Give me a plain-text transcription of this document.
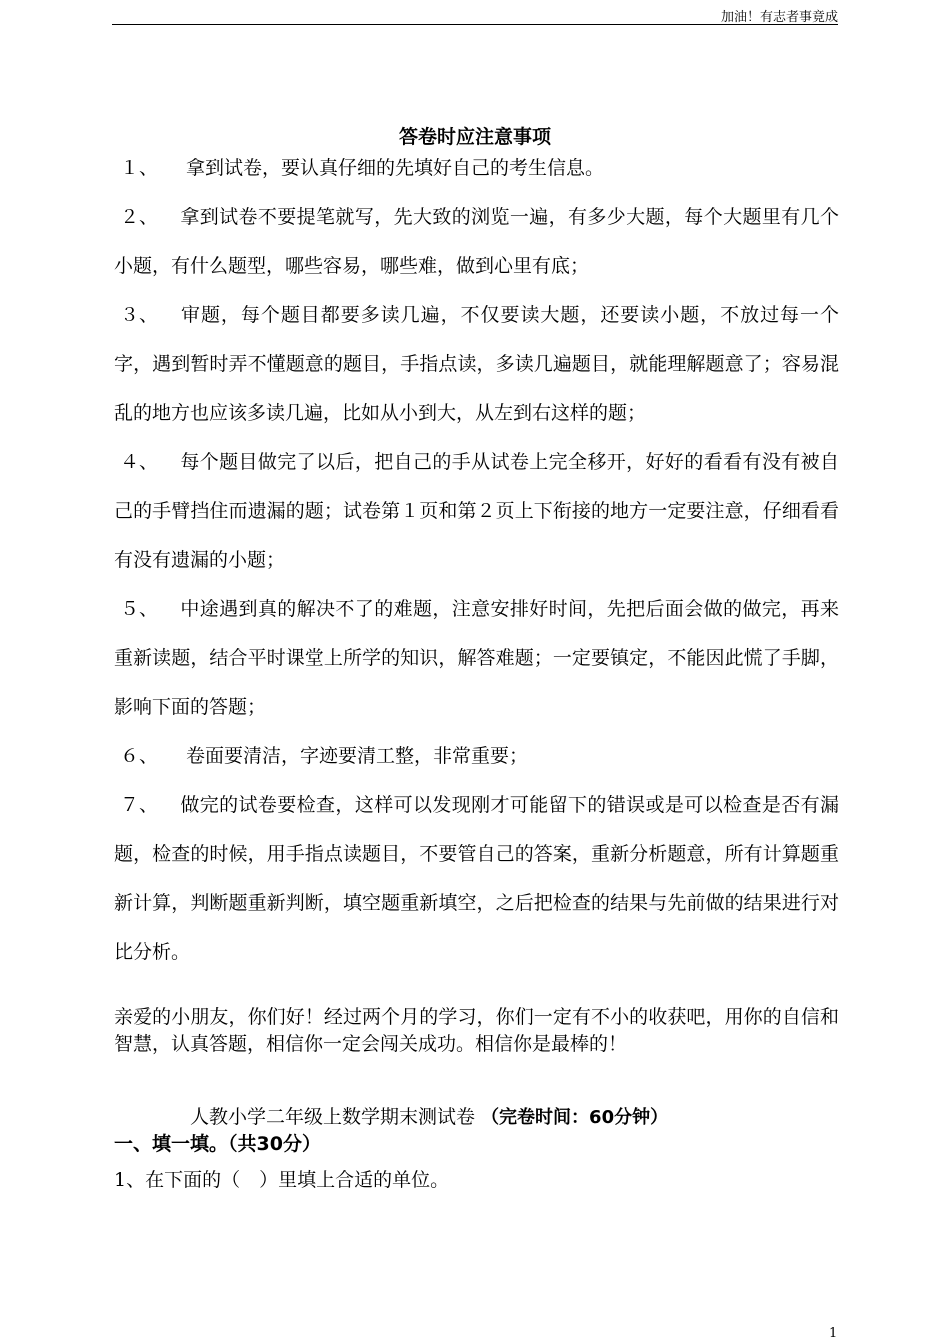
加油！有志者事竟成
答卷时应注意事项

１、 拿到试卷，要认真仔细的先填好自己的考生信息。

２、 拿到试卷不要提笔就写，先大致的浏览一遍，有多少大题，每个大题里有几个小题，有什么题型，哪些容易，哪些难，做到心里有底；

３、 审题，每个题目都要多读几遍，不仅要读大题，还要读小题，不放过每一个字，遇到暂时弄不懂题意的题目，手指点读，多读几遍题目，就能理解题意了；容易混乱的地方也应该多读几遍，比如从小到大，从左到右这样的题；

４、 每个题目做完了以后，把自己的手从试卷上完全移开，好好的看看有没有被自己的手臂挡住而遗漏的题；试卷第１页和第２页上下衔接的地方一定要注意，仔细看看有没有遗漏的小题；

５、 中途遇到真的解决不了的难题，注意安排好时间，先把后面会做的做完，再来重新读题，结合平时课堂上所学的知识，解答难题；一定要镇定，不能因此慌了手脚，影响下面的答题；

６、 卷面要清洁，字迹要清工整，非常重要；

７、 做完的试卷要检查，这样可以发现刚才可能留下的错误或是可以检查是否有漏题，检查的时候，用手指点读题目，不要管自己的答案，重新分析题意，所有计算题重新计算，判断题重新判断，填空题重新填空，之后把检查的结果与先前做的结果进行对比分析。

亲爱的小朋友，你们好！经过两个月的学习，你们一定有不小的收获吧，用你的自信和智慧，认真答题，相信你一定会闯关成功。相信你是最棒的！
人教小学二年级上数学期末测试卷 （完卷时间：60分钟）
一、填一填。（共30分）
1、在下面的（　）里填上合适的单位。
1
